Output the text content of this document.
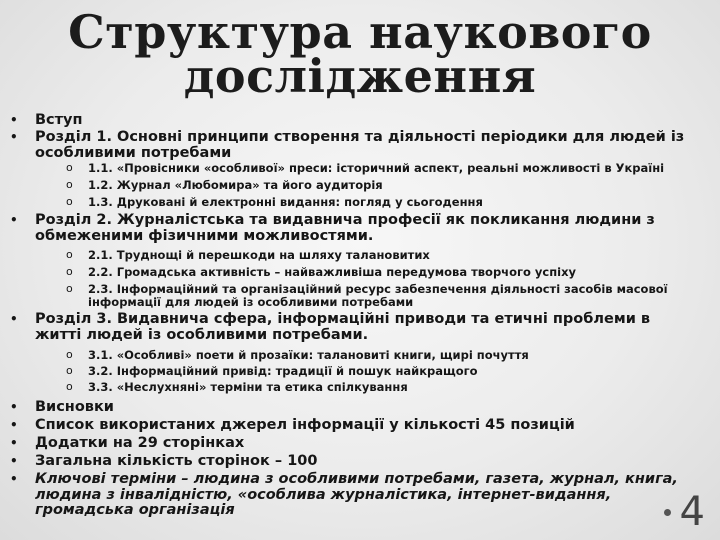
• Вступ
• Розділ 1. Основні принципи створення та діяльності періодики для людей із особливими потребами
o 1.1. «Провісники «особливої» преси: історичний аспект, реальні можливості в Україні
o 1.2. Журнал «Любомира» та його аудиторія
o 1.3. Друковані й електронні видання: погляд у сьогодення
• Розділ 2. Журналістська та видавнича професії як покликання людини з обмеженими фізичними можливостями.
o 2.1. Труднощі й перешкоди на шляху талановитих
o 2.2. Громадська активність – найважливіша передумова творчого успіху
o 2.3. Інформаційний та організаційний ресурс забезпечення діяльності засобів масової інформації для людей із особливими потребами
• Розділ 3. Видавнича сфера, інформаційні приводи та етичні проблеми в житті людей із особливими потребами.
o 3.1. «Особливі» поети й прозаїки: талановиті книги, щирі почуття
o 3.2. Інформаційний привід: традиції й пошук найкращого
o 3.3. «Неслухняні» терміни та етика спілкування
• Висновки
• Список використаних джерел інформації у кількості 45 позицій
• Додатки на 29 сторінках
• Загальна кількість сторінок – 100
• Ключові терміни – людина з особливими потребами, газета, журнал, книга, людина з інвалідністю, «особлива журналістика, інтернет-видання, громадська організація
Структура наукового
дослідження
4
